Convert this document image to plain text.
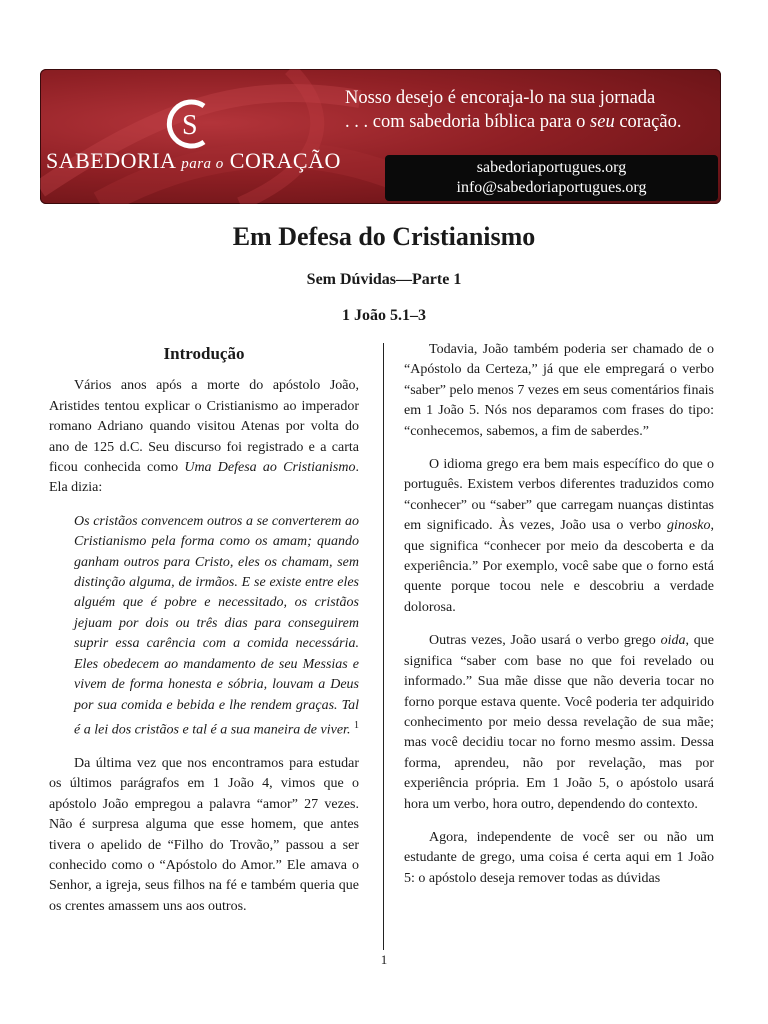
S
SABEDORIA para o CORAÇÃO
Nosso desejo é encoraja-lo na sua jornada
. . . com sabedoria bíblica para o seu coração.
sabedoriaportugues.org
info@sabedoriaportugues.org
Em Defesa do Cristianismo
Sem Dúvidas—Parte 1
1 João 5.1–3
Introdução

Vários anos após a morte do apóstolo João, Aristides tentou explicar o Cristianismo ao imperador romano Adriano quando visitou Atenas por volta do ano de 125 d.C. Seu discurso foi registrado e a carta ficou conhecida como Uma Defesa ao Cristianismo. Ela dizia:

Os cristãos convencem outros a se converterem ao Cristianismo pela forma como os amam; quando ganham outros para Cristo, eles os chamam, sem distinção alguma, de irmãos. E se existe entre eles alguém que é pobre e necessitado, os cristãos jejuam por dois ou três dias para conseguirem suprir essa carência com a comida necessária. Eles obedecem ao mandamento de seu Messias e vivem de forma honesta e sóbria, louvam a Deus por sua comida e bebida e lhe rendem graças. Tal é a lei dos cristãos e tal é a sua maneira de viver. $^1$

Da última vez que nos encontramos para estudar os últimos parágrafos em 1 João 4, vimos que o apóstolo João empregou a palavra “amor” 27 vezes. Não é surpresa alguma que esse homem, que antes tivera o apelido de “Filho do Trovão,” passou a ser conhecido como o “Apóstolo do Amor.” Ele amava o Senhor, a igreja, seus filhos na fé e também queria que os crentes amassem uns aos outros.

Todavia, João também poderia ser chamado de o “Apóstolo da Certeza,” já que ele empregará o verbo “saber” pelo menos 7 vezes em seus comentários finais em 1 João 5. Nós nos deparamos com frases do tipo: “conhecemos, sabemos, a fim de saberdes.”

O idioma grego era bem mais específico do que o português. Existem verbos diferentes traduzidos como “conhecer” ou “saber” que carregam nuanças distintas em significado. Às vezes, João usa o verbo ginosko, que significa “conhecer por meio da descoberta e da experiência.” Por exemplo, você sabe que o forno está quente porque tocou nele e descobriu a verdade dolorosa.

Outras vezes, João usará o verbo grego oida, que significa “saber com base no que foi revelado ou informado.” Sua mãe disse que não deveria tocar no forno porque estava quente. Você poderia ter adquirido conhecimento por meio dessa revelação de sua mãe; mas você decidiu tocar no forno mesmo assim. Dessa forma, aprendeu, não por revelação, mas por experiência própria. Em 1 João 5, o apóstolo usará hora um verbo, hora outro, dependendo do contexto.

Agora, independente de você ser ou não um estudante de grego, uma coisa é certa aqui em 1 João 5: o apóstolo deseja remover todas as dúvidas

1
